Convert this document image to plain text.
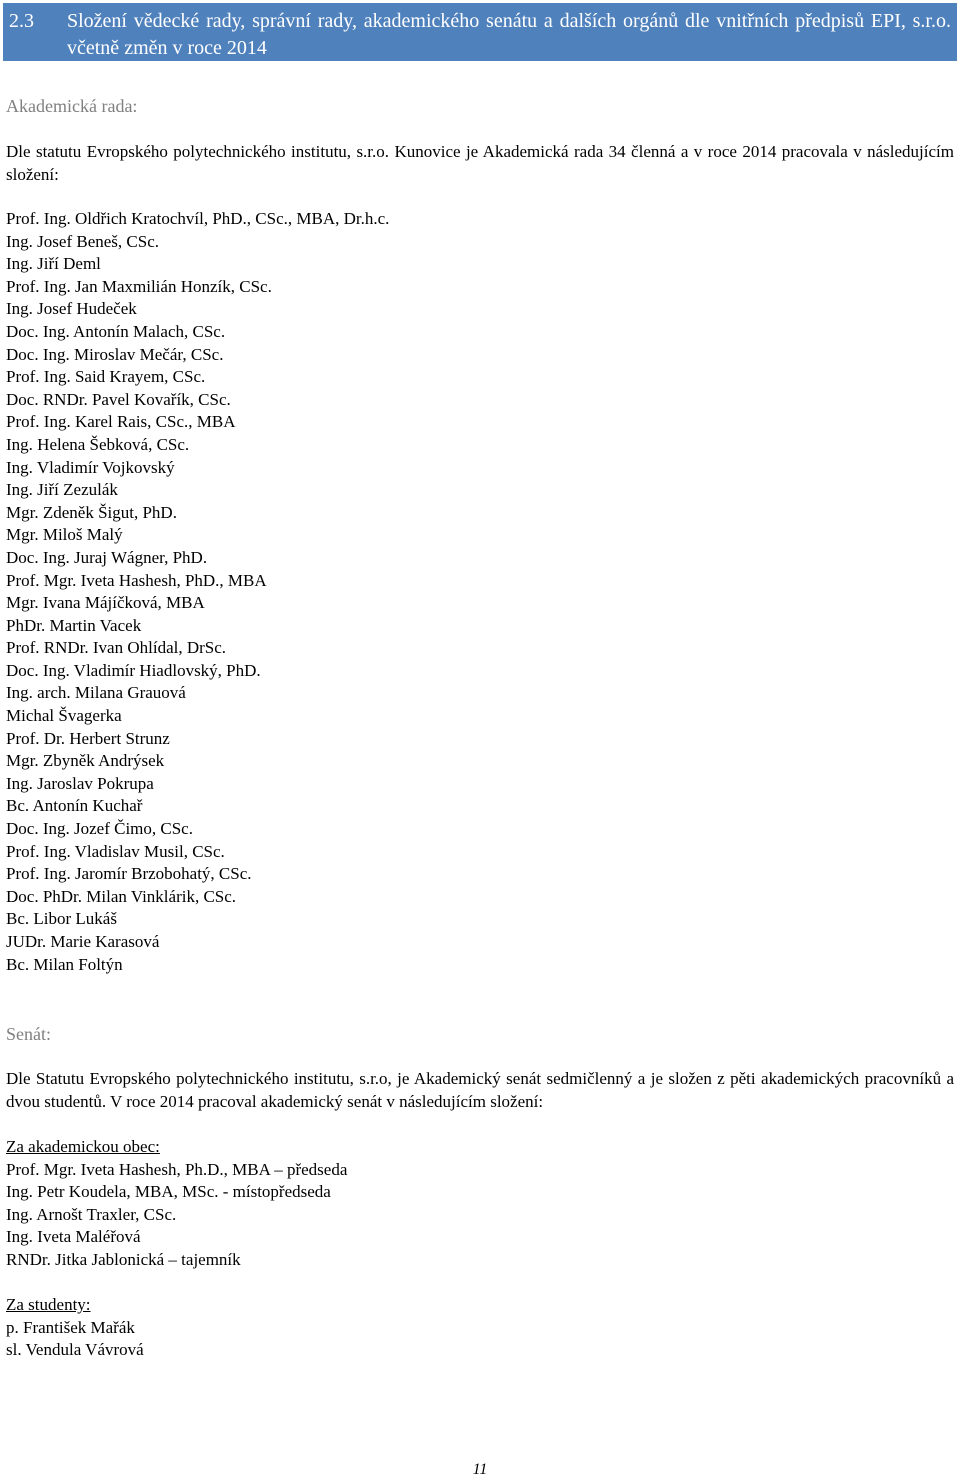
2.3 Složení vědecké rady, správní rady, akademického senátu a dalších orgánů dle vnitřních předpisů EPI, s.r.o. včetně změn v roce 2014
Akademická rada:
Dle statutu Evropského polytechnického institutu, s.r.o. Kunovice je Akademická rada 34 členná a v roce 2014 pracovala v následujícím složení:
Prof. Ing. Oldřich Kratochvíl, PhD., CSc., MBA, Dr.h.c.
Ing. Josef Beneš, CSc.
Ing. Jiří Deml
Prof. Ing. Jan Maxmilián Honzík, CSc.
Ing. Josef Hudeček
Doc. Ing. Antonín Malach, CSc.
Doc. Ing. Miroslav Mečár, CSc.
Prof. Ing. Said Krayem, CSc.
Doc. RNDr. Pavel Kovařík, CSc.
Prof. Ing. Karel Rais, CSc., MBA
Ing. Helena Šebková, CSc.
Ing. Vladimír Vojkovský
Ing. Jiří Zezulák
Mgr. Zdeněk Šigut, PhD.
Mgr. Miloš Malý
Doc. Ing. Juraj Wágner, PhD.
Prof. Mgr. Iveta Hashesh, PhD., MBA
Mgr. Ivana Májíčková, MBA
PhDr. Martin Vacek
Prof. RNDr. Ivan Ohlídal, DrSc.
Doc. Ing. Vladimír Hiadlovský, PhD.
Ing. arch. Milana Grauová
Michal Švagerka
Prof. Dr. Herbert Strunz
Mgr. Zbyněk Andrýsek
Ing. Jaroslav Pokrupa
Bc. Antonín Kuchař
Doc. Ing. Jozef Čimo, CSc.
Prof. Ing. Vladislav Musil, CSc.
Prof. Ing. Jaromír Brzobohatý, CSc.
Doc. PhDr. Milan Vinklárik, CSc.
Bc. Libor Lukáš
JUDr. Marie Karasová
Bc. Milan Foltýn
Senát:
Dle Statutu Evropského polytechnického institutu, s.r.o, je Akademický senát sedmičlenný a je složen z pěti akademických pracovníků a dvou studentů. V roce 2014 pracoval akademický senát v následujícím složení:
Za akademickou obec:
Prof. Mgr. Iveta Hashesh, Ph.D., MBA – předseda
Ing. Petr Koudela, MBA, MSc. - místopředseda
Ing. Arnošt Traxler, CSc.
Ing. Iveta Maléřová
RNDr. Jitka Jablonická – tajemník
Za studenty:
p. František Mařák
sl. Vendula Vávrová
11
